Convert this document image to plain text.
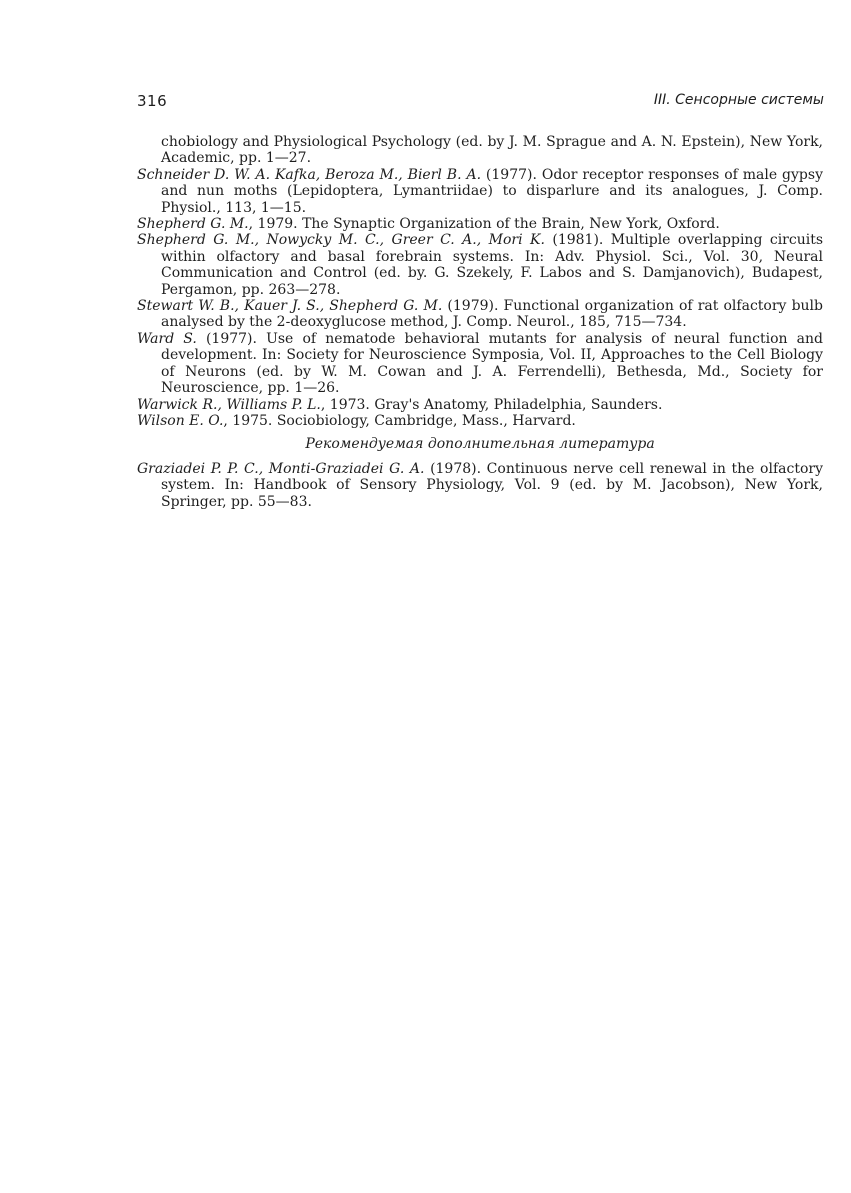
316	III. Сенсорные системы

chobiology and Physiological Psychology (ed. by J. M. Sprague and A. N. Epstein), New York, Academic, pp. 1—27.

Schneider D. W. A. Kafka, Beroza M., Bierl B. A. (1977). Odor receptor responses of male gypsy and nun moths (Lepidoptera, Lymantriidae) to disparlure and its analogues, J. Comp. Physiol., 113, 1—15.

Shepherd G. M., 1979. The Synaptic Organization of the Brain, New York, Oxford.

Shepherd G. M., Nowycky M. C., Greer C. A., Mori K. (1981). Multiple overlapping circuits within olfactory and basal forebrain systems. In: Adv. Physiol. Sci., Vol. 30, Neural Communication and Control (ed. by. G. Szekely, F. Labos and S. Damjanovich), Budapest, Pergamon, pp. 263—278.

Stewart W. B., Kauer J. S., Shepherd G. M. (1979). Functional organization of rat olfactory bulb analysed by the 2-deoxyglucose method, J. Comp. Neurol., 185, 715—734.

Ward S. (1977). Use of nematode behavioral mutants for analysis of neural function and development. In: Society for Neuroscience Symposia, Vol. II, Approaches to the Cell Biology of Neurons (ed. by W. M. Cowan and J. A. Ferrendelli), Bethesda, Md., Society for Neuroscience, pp. 1—26.

Warwick R., Williams P. L., 1973. Gray's Anatomy, Philadelphia, Saunders.

Wilson E. O., 1975. Sociobiology, Cambridge, Mass., Harvard.

Рекомендуемая дополнительная литература

Graziadei P. P. C., Monti-Graziadei G. A. (1978). Continuous nerve cell renewal in the olfactory system. In: Handbook of Sensory Physiology, Vol. 9 (ed. by M. Jacobson), New York, Springer, pp. 55—83.
